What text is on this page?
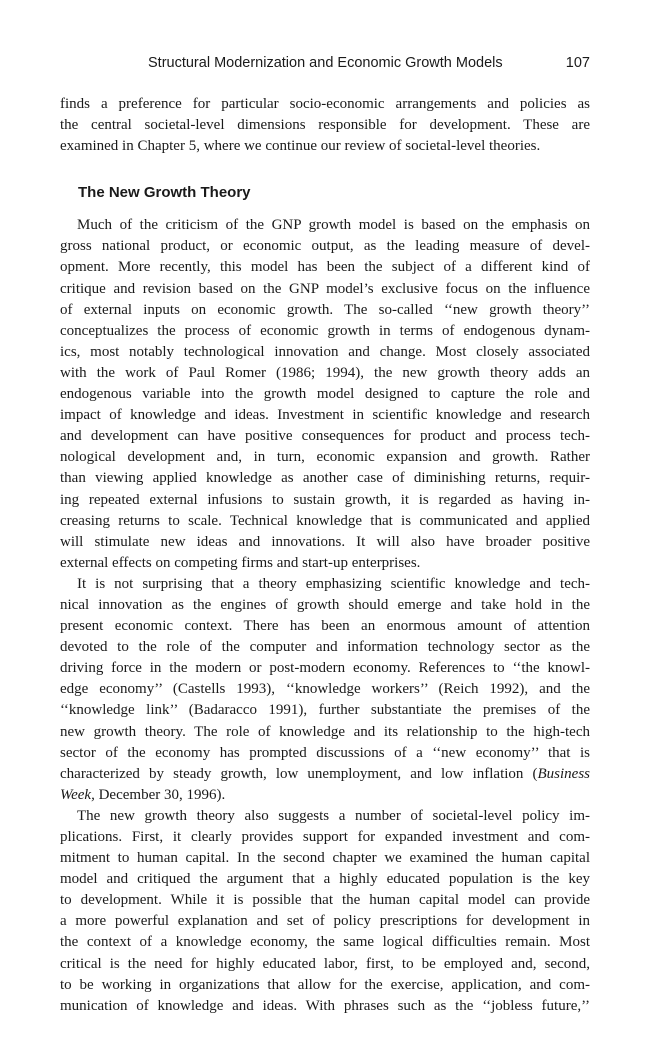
Structural Modernization and Economic Growth Models	107

finds a preference for particular socio-economic arrangements and policies as
the central societal-level dimensions responsible for development. These are
examined in Chapter 5, where we continue our review of societal-level theories.

The New Growth Theory

Much of the criticism of the GNP growth model is based on the emphasis on
gross national product, or economic output, as the leading measure of devel-
opment. More recently, this model has been the subject of a different kind of
critique and revision based on the GNP model’s exclusive focus on the influence
of external inputs on economic growth. The so-called ‘‘new growth theory’’
conceptualizes the process of economic growth in terms of endogenous dynam-
ics, most notably technological innovation and change. Most closely associated
with the work of Paul Romer (1986; 1994), the new growth theory adds an
endogenous variable into the growth model designed to capture the role and
impact of knowledge and ideas. Investment in scientific knowledge and research
and development can have positive consequences for product and process tech-
nological development and, in turn, economic expansion and growth. Rather
than viewing applied knowledge as another case of diminishing returns, requir-
ing repeated external infusions to sustain growth, it is regarded as having in-
creasing returns to scale. Technical knowledge that is communicated and applied
will stimulate new ideas and innovations. It will also have broader positive
external effects on competing firms and start-up enterprises.

It is not surprising that a theory emphasizing scientific knowledge and tech-
nical innovation as the engines of growth should emerge and take hold in the
present economic context. There has been an enormous amount of attention
devoted to the role of the computer and information technology sector as the
driving force in the modern or post-modern economy. References to ‘‘the knowl-
edge economy’’ (Castells 1993), ‘‘knowledge workers’’ (Reich 1992), and the
‘‘knowledge link’’ (Badaracco 1991), further substantiate the premises of the
new growth theory. The role of knowledge and its relationship to the high-tech
sector of the economy has prompted discussions of a ‘‘new economy’’ that is
characterized by steady growth, low unemployment, and low inflation (Business
Week, December 30, 1996).

The new growth theory also suggests a number of societal-level policy im-
plications. First, it clearly provides support for expanded investment and com-
mitment to human capital. In the second chapter we examined the human capital
model and critiqued the argument that a highly educated population is the key
to development. While it is possible that the human capital model can provide
a more powerful explanation and set of policy prescriptions for development in
the context of a knowledge economy, the same logical difficulties remain. Most
critical is the need for highly educated labor, first, to be employed and, second,
to be working in organizations that allow for the exercise, application, and com-
munication of knowledge and ideas. With phrases such as the ‘‘jobless future,’’
